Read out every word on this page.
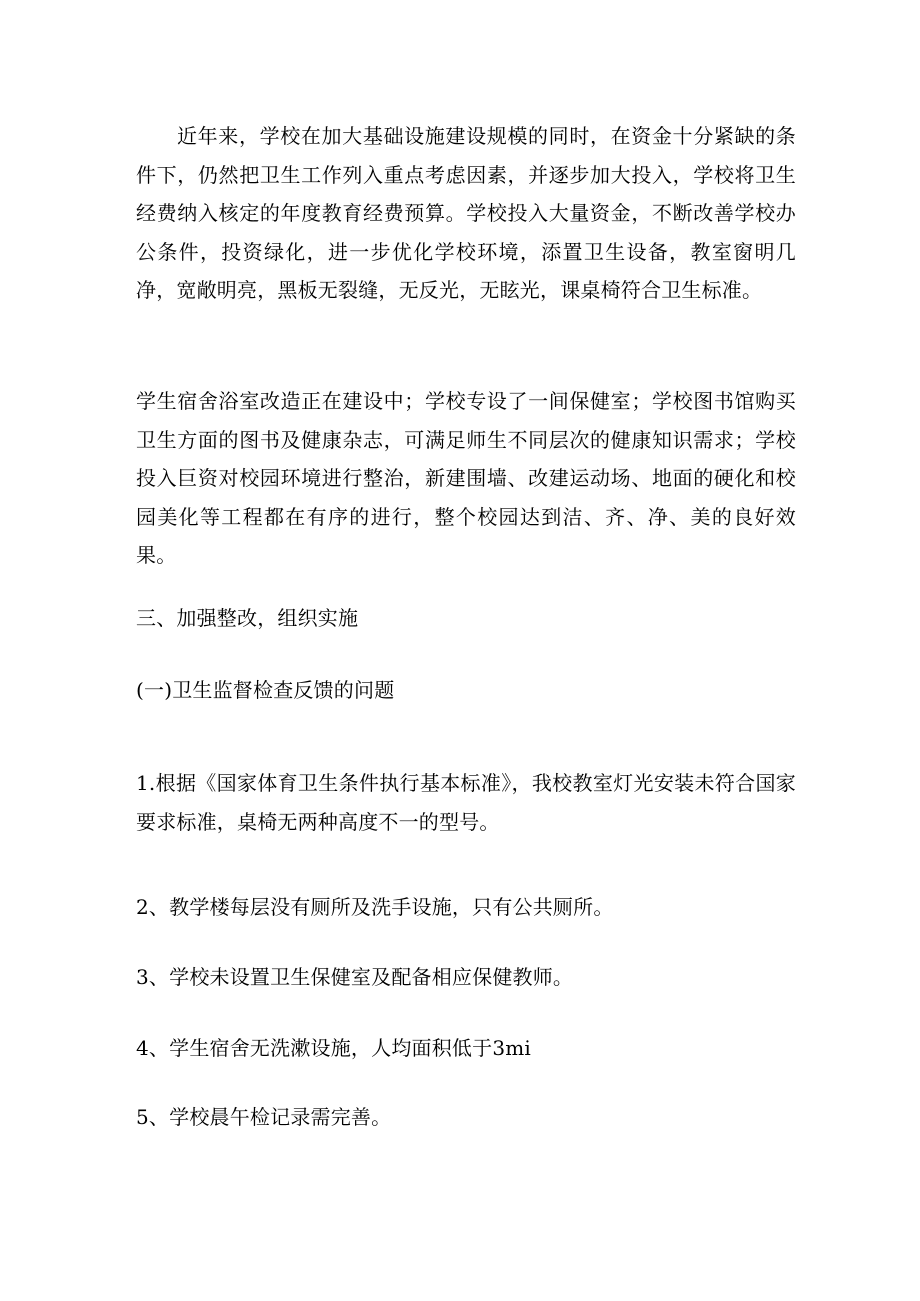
近年来，学校在加大基础设施建设规模的同时，在资金十分紧缺的条件下，仍然把卫生工作列入重点考虑因素，并逐步加大投入，学校将卫生经费纳入核定的年度教育经费预算。学校投入大量资金，不断改善学校办公条件，投资绿化，进一步优化学校环境，添置卫生设备，教室窗明几净，宽敞明亮，黑板无裂缝，无反光，无眩光，课桌椅符合卫生标准。

学生宿舍浴室改造正在建设中；学校专设了一间保健室；学校图书馆购买卫生方面的图书及健康杂志，可满足师生不同层次的健康知识需求；学校投入巨资对校园环境进行整治，新建围墙、改建运动场、地面的硬化和校园美化等工程都在有序的进行，整个校园达到洁、齐、净、美的良好效果。

三、加强整改，组织实施

(一)卫生监督检查反馈的问题

1.根据《国家体育卫生条件执行基本标准》，我校教室灯光安装未符合国家要求标准，桌椅无两种高度不一的型号。

2、教学楼每层没有厕所及洗手设施，只有公共厕所。

3、学校未设置卫生保健室及配备相应保健教师。

4、学生宿舍无洗漱设施，人均面积低于3mi

5、学校晨午检记录需完善。
